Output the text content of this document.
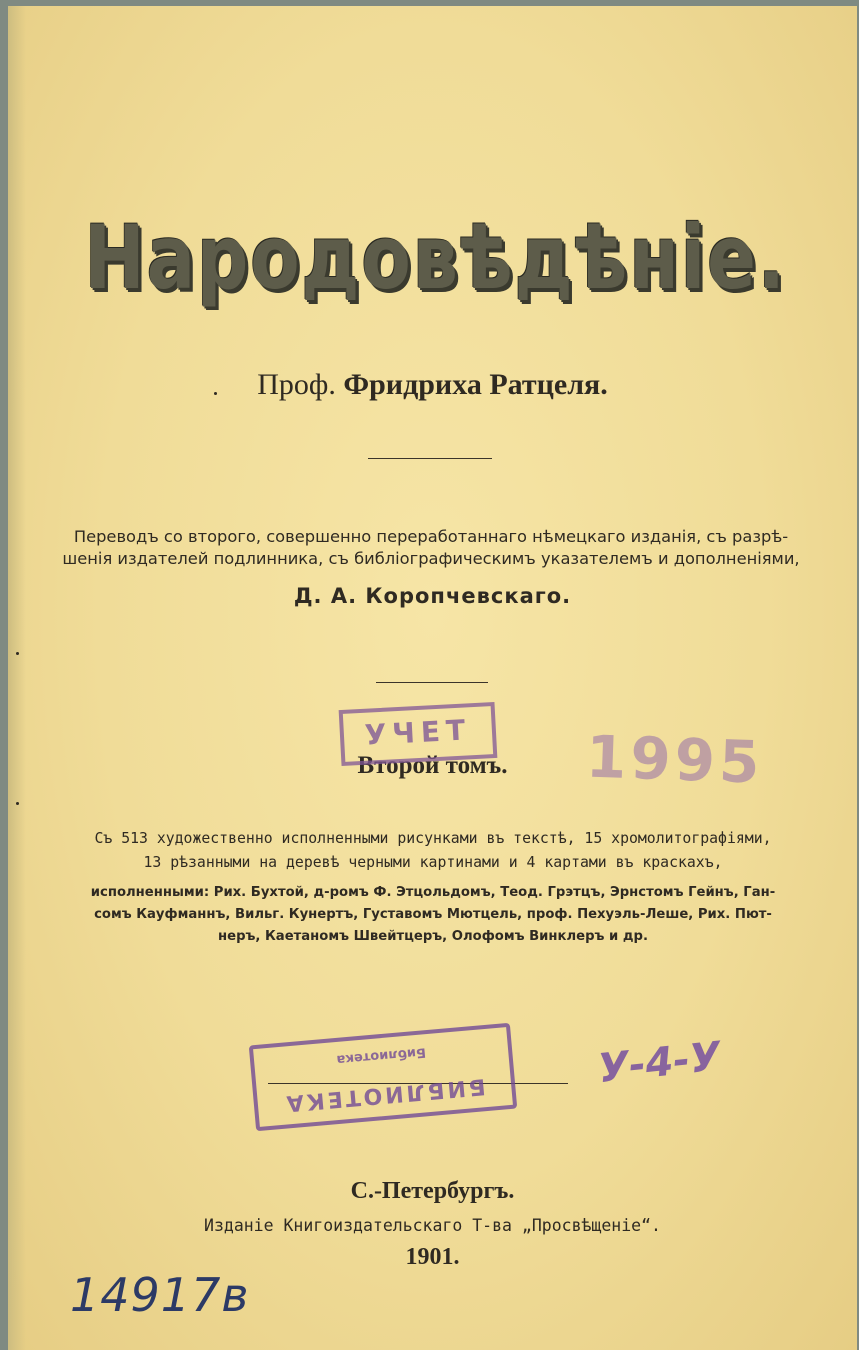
Народовѣдѣніе.
Проф. Фридриха Ратцеля.
Переводъ со второго, совершенно переработаннаго нѣмецкаго изданія, съ разрѣ-
шенія издателей подлинника, съ библіографическимъ указателемъ и дополненіями,
Д. А. Коропчевскаго.
Второй томъ.
Съ 513 художественно исполненными рисунками въ текстѣ, 15 хромолитографіями,
13 рѣзанными на деревѣ черными картинами и 4 картами въ краскахъ,
исполненными: Рих. Бухтой, д-ромъ Ф. Этцольдомъ, Теод. Грэтцъ, Эрнстомъ Гейнъ, Ган-
сомъ Кауфманнъ, Вильг. Кунертъ, Густавомъ Мютцель, проф. Пехуэль-Леше, Рих. Пют-
неръ, Каетаномъ Швейтцеръ, Олофомъ Винклеръ и др.
С.-Петербургъ.
Изданіе Книгоиздательскаго Т-ва „Просвѣщеніе“.
1901.
УЧЕТ	1995
Библиотека
БИБЛИОТЕКА
У-4-У
14917в
